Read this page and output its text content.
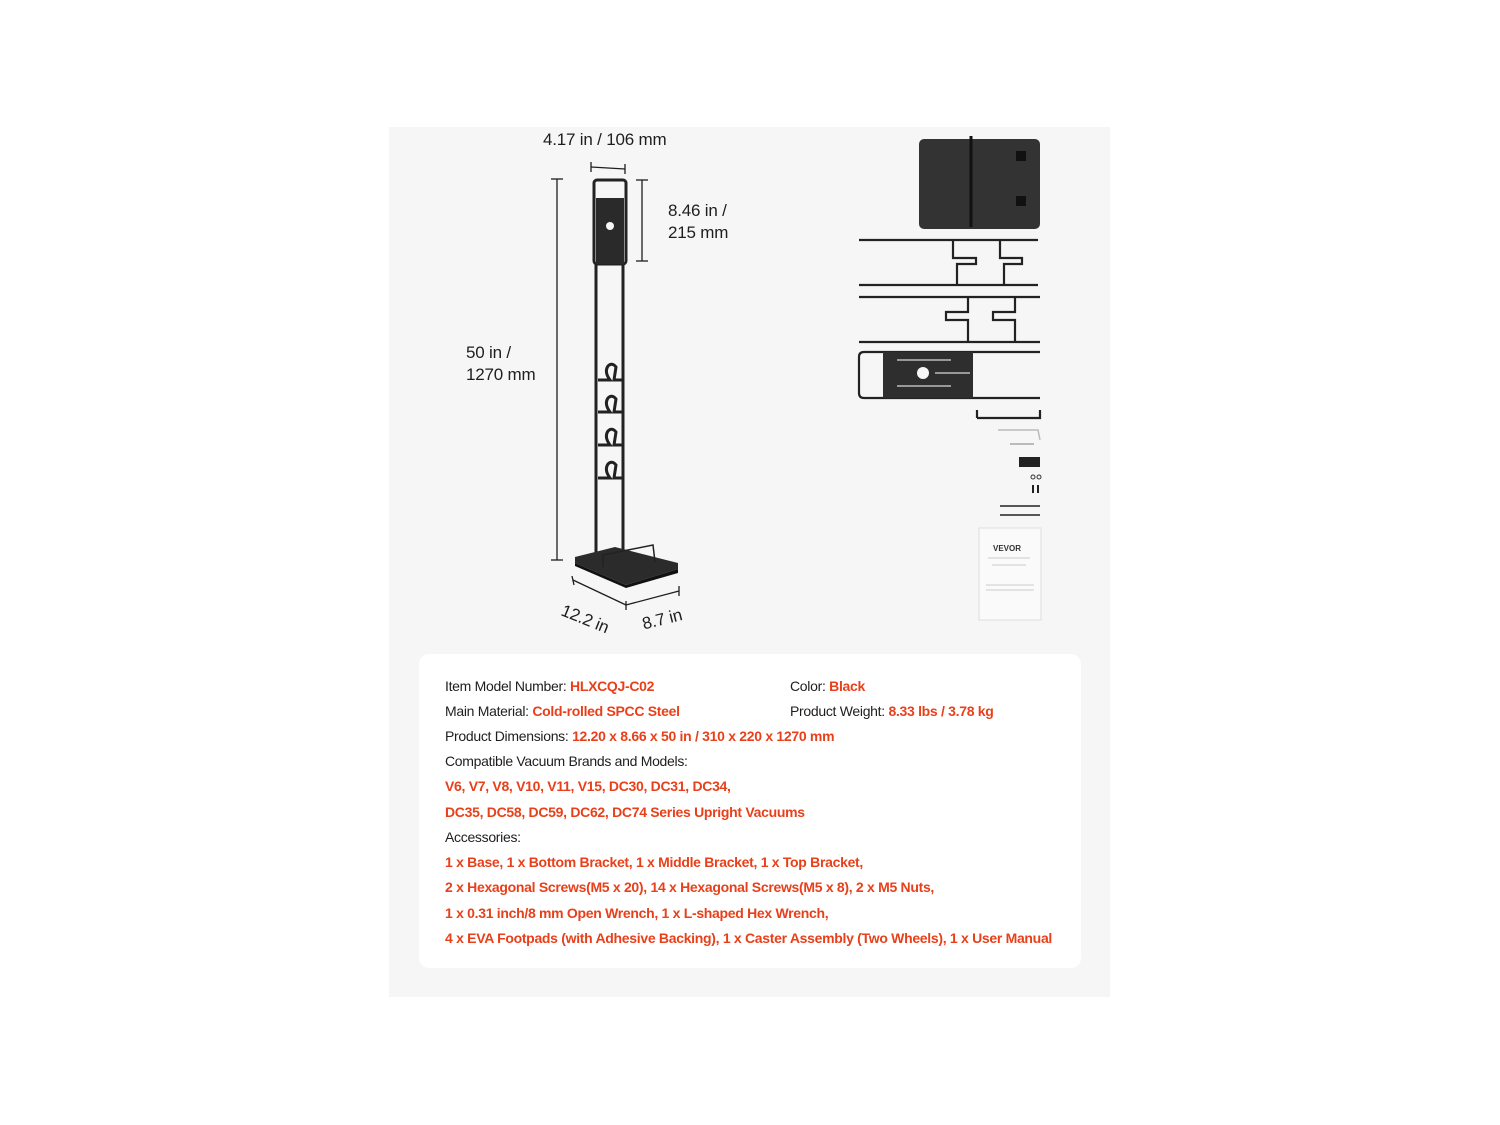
4.17 in / 106 mm
8.46 in /
215 mm
50 in /
1270 mm
12.2 in 8.7 in
VEVOR
Item Model Number: HLXCQJ-C02	Color: Black
Main Material: Cold-rolled SPCC Steel	Product Weight: 8.33 lbs / 3.78 kg
Product Dimensions: 12.20 x 8.66 x 50 in / 310 x 220 x 1270 mm
Compatible Vacuum Brands and Models:
V6, V7, V8, V10, V11, V15, DC30, DC31, DC34,
DC35, DC58, DC59, DC62, DC74 Series Upright Vacuums
Accessories:
1 x Base, 1 x Bottom Bracket, 1 x Middle Bracket, 1 x Top Bracket,
2 x Hexagonal Screws(M5 x 20), 14 x Hexagonal Screws(M5 x 8), 2 x M5 Nuts,
1 x 0.31 inch/8 mm Open Wrench, 1 x L-shaped Hex Wrench,
4 x EVA Footpads (with Adhesive Backing), 1 x Caster Assembly (Two Wheels), 1 x User Manual
